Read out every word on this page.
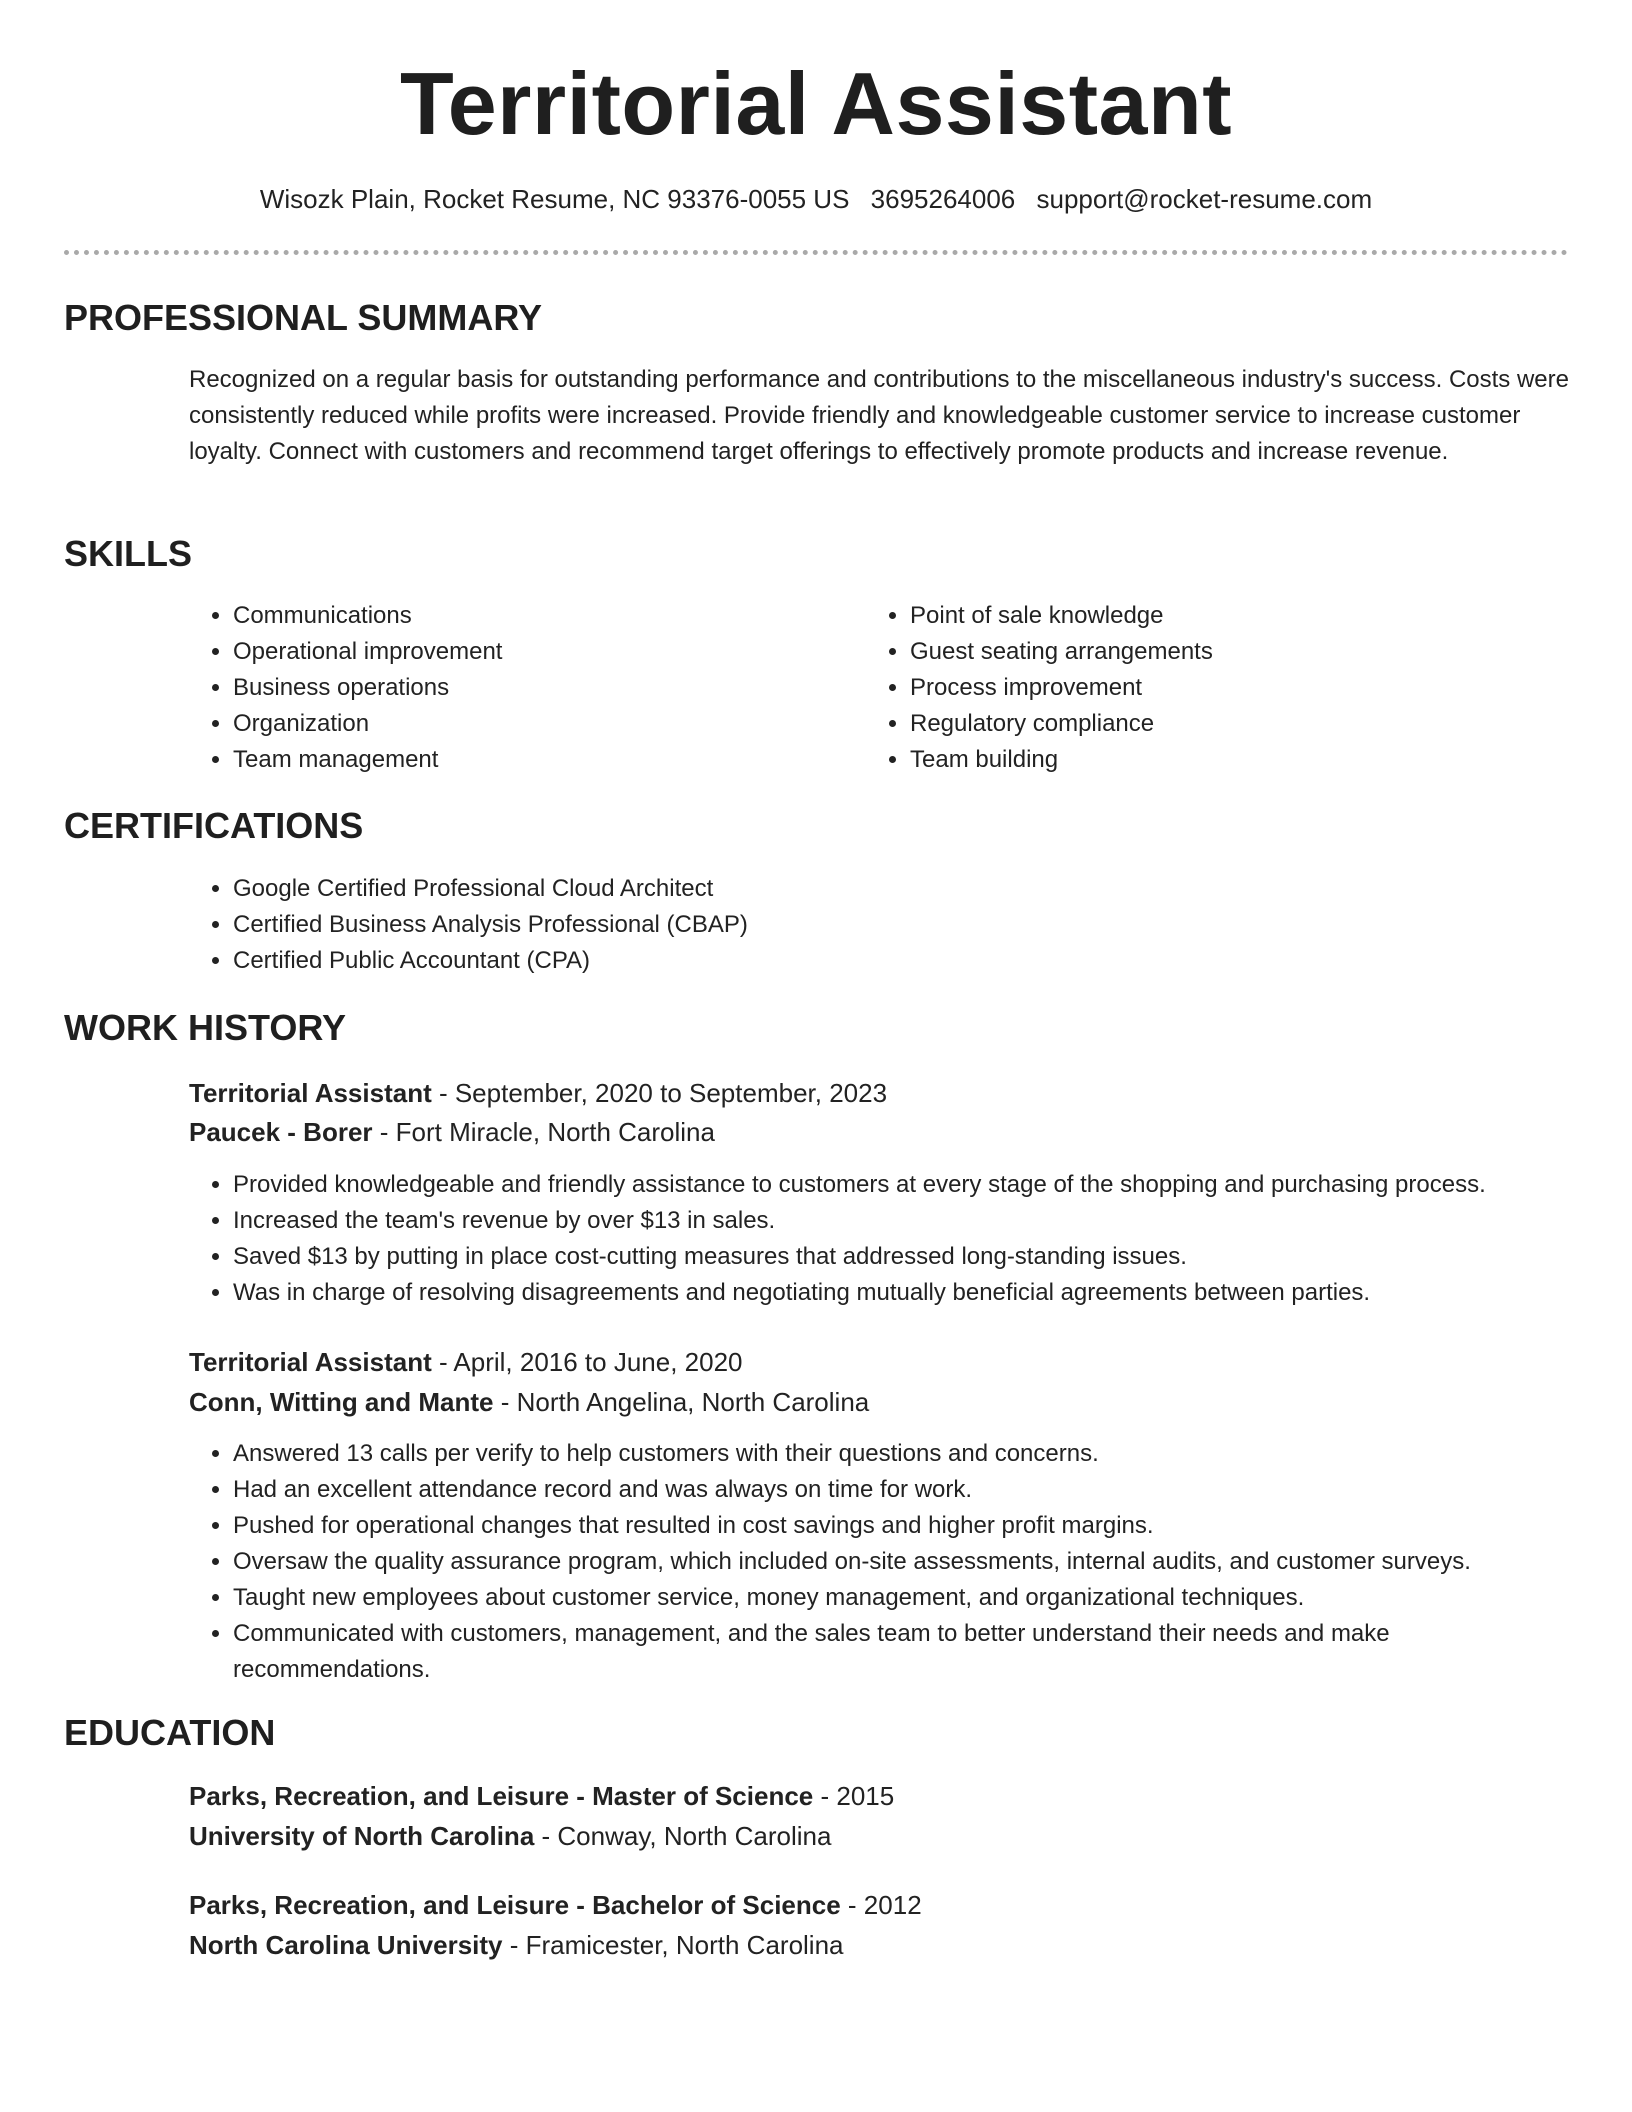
Territorial Assistant
Wisozk Plain, Rocket Resume, NC 93376-0055 US 3695264006 support@rocket-resume.com
PROFESSIONAL SUMMARY

Recognized on a regular basis for outstanding performance and contributions to the miscellaneous industry's success. Costs were consistently reduced while profits were increased. Provide friendly and knowledgeable customer service to increase customer loyalty. Connect with customers and recommend target offerings to effectively promote products and increase revenue.

SKILLS
• Communications
• Operational improvement
• Business operations
• Organization
• Team management
• Point of sale knowledge
• Guest seating arrangements
• Process improvement
• Regulatory compliance
• Team building
CERTIFICATIONS
• Google Certified Professional Cloud Architect
• Certified Business Analysis Professional (CBAP)
• Certified Public Accountant (CPA)
WORK HISTORY
Territorial Assistant - September, 2020 to September, 2023
Paucek - Borer - Fort Miracle, North Carolina
• Provided knowledgeable and friendly assistance to customers at every stage of the shopping and purchasing process.
• Increased the team's revenue by over $13 in sales.
• Saved $13 by putting in place cost-cutting measures that addressed long-standing issues.
• Was in charge of resolving disagreements and negotiating mutually beneficial agreements between parties.
Territorial Assistant - April, 2016 to June, 2020
Conn, Witting and Mante - North Angelina, North Carolina
• Answered 13 calls per verify to help customers with their questions and concerns.
• Had an excellent attendance record and was always on time for work.
• Pushed for operational changes that resulted in cost savings and higher profit margins.
• Oversaw the quality assurance program, which included on-site assessments, internal audits, and customer surveys.
• Taught new employees about customer service, money management, and organizational techniques.
• Communicated with customers, management, and the sales team to better understand their needs and make recommendations.
EDUCATION
Parks, Recreation, and Leisure - Master of Science - 2015
University of North Carolina - Conway, North Carolina
Parks, Recreation, and Leisure - Bachelor of Science - 2012
North Carolina University - Framicester, North Carolina
